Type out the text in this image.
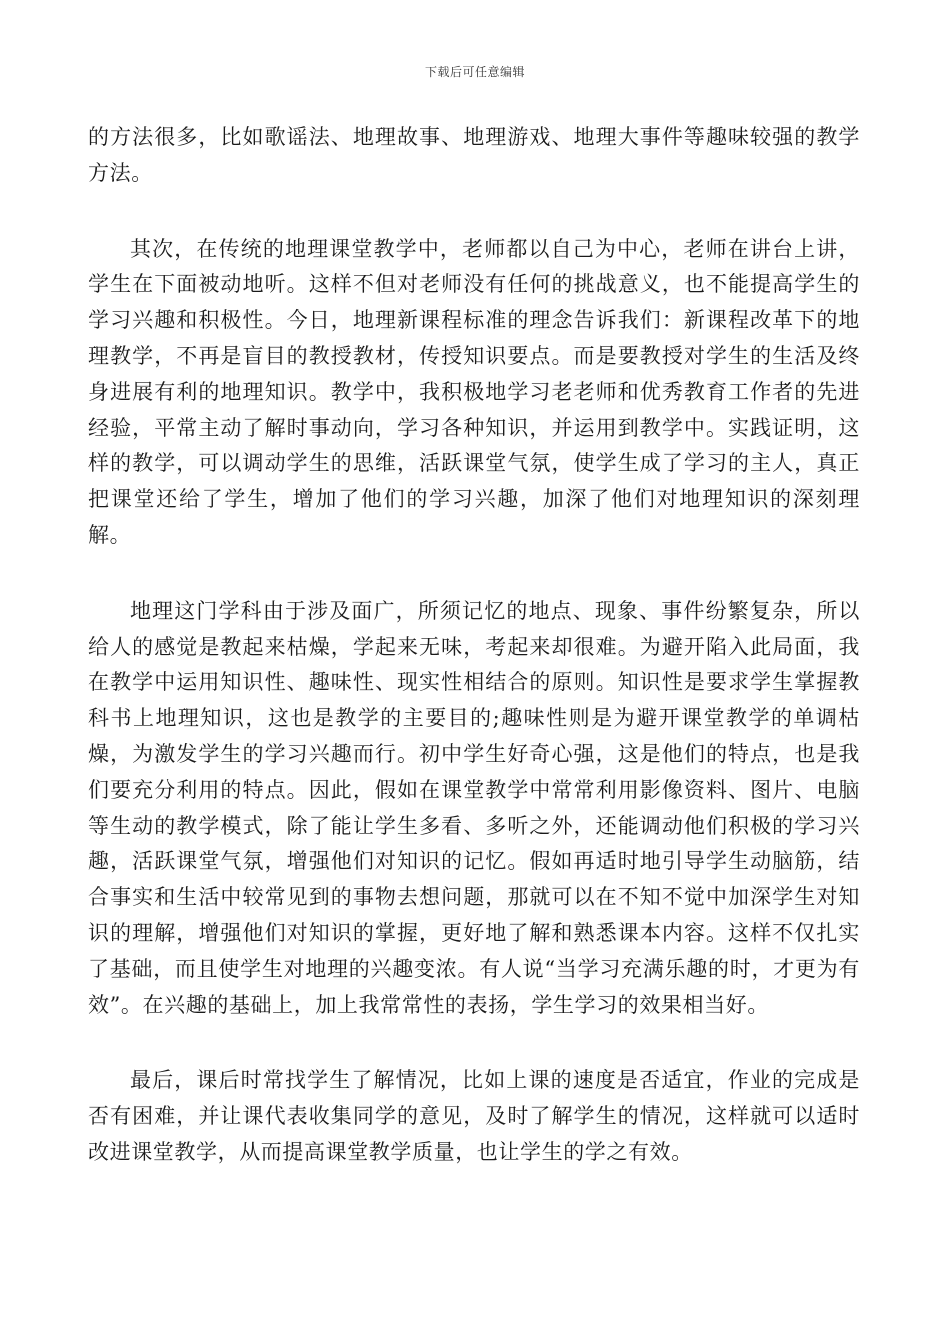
下载后可任意编辑

的方法很多，比如歌谣法、地理故事、地理游戏、地理大事件等趣味较强的教学方法。

其次，在传统的地理课堂教学中，老师都以自己为中心，老师在讲台上讲，学生在下面被动地听。这样不但对老师没有任何的挑战意义，也不能提高学生的学习兴趣和积极性。今日，地理新课程标准的理念告诉我们：新课程改革下的地理教学，不再是盲目的教授教材，传授知识要点。而是要教授对学生的生活及终身进展有利的地理知识。教学中，我积极地学习老老师和优秀教育工作者的先进经验，平常主动了解时事动向，学习各种知识，并运用到教学中。实践证明，这样的教学，可以调动学生的思维，活跃课堂气氛，使学生成了学习的主人，真正把课堂还给了学生，增加了他们的学习兴趣，加深了他们对地理知识的深刻理解。

地理这门学科由于涉及面广，所须记忆的地点、现象、事件纷繁复杂，所以给人的感觉是教起来枯燥，学起来无味，考起来却很难。为避开陷入此局面，我在教学中运用知识性、趣味性、现实性相结合的原则。知识性是要求学生掌握教科书上地理知识，这也是教学的主要目的;趣味性则是为避开课堂教学的单调枯燥，为激发学生的学习兴趣而行。初中学生好奇心强，这是他们的特点，也是我们要充分利用的特点。因此，假如在课堂教学中常常利用影像资料、图片、电脑等生动的教学模式，除了能让学生多看、多听之外，还能调动他们积极的学习兴趣，活跃课堂气氛，增强他们对知识的记忆。假如再适时地引导学生动脑筋，结合事实和生活中较常见到的事物去想问题，那就可以在不知不觉中加深学生对知识的理解，增强他们对知识的掌握，更好地了解和熟悉课本内容。这样不仅扎实了基础，而且使学生对地理的兴趣变浓。有人说“当学习充满乐趣的时，才更为有效”。在兴趣的基础上，加上我常常性的表扬，学生学习的效果相当好。

最后，课后时常找学生了解情况，比如上课的速度是否适宜，作业的完成是否有困难，并让课代表收集同学的意见，及时了解学生的情况，这样就可以适时改进课堂教学，从而提高课堂教学质量，也让学生的学之有效。
